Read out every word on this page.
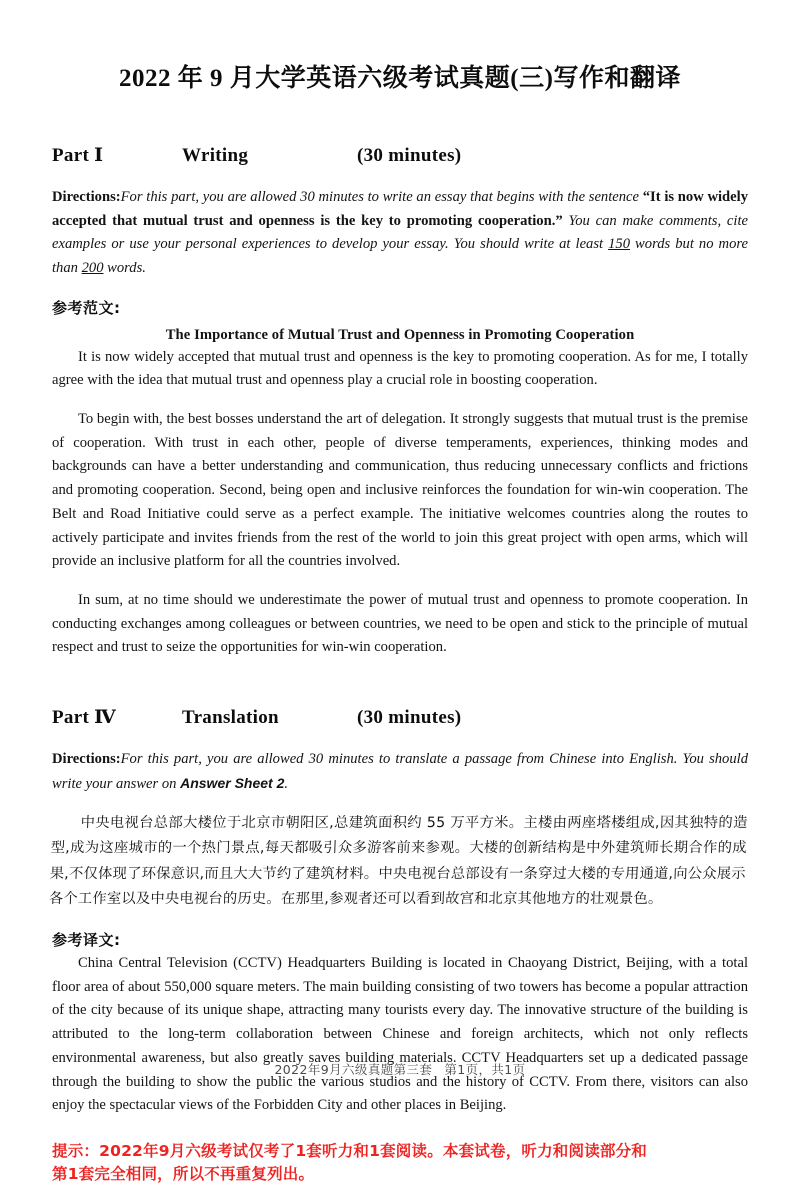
2022 年 9 月大学英语六级考试真题(三)写作和翻译
Part Ⅰ	Writing	(30 minutes)

Directions:For this part, you are allowed 30 minutes to write an essay that begins with the sentence “It is now widely accepted that mutual trust and openness is the key to promoting cooperation.” You can make comments, cite examples or use your personal experiences to develop your essay. You should write at least 150 words but no more than 200 words.

参考范文:
The Importance of Mutual Trust and Openness in Promoting Cooperation

It is now widely accepted that mutual trust and openness is the key to promoting cooperation. As for me, I totally agree with the idea that mutual trust and openness play a crucial role in boosting cooperation.

To begin with, the best bosses understand the art of delegation. It strongly suggests that mutual trust is the premise of cooperation. With trust in each other, people of diverse temperaments, experiences, thinking modes and backgrounds can have a better understanding and communication, thus reducing unnecessary conflicts and frictions and promoting cooperation. Second, being open and inclusive reinforces the foundation for win-win cooperation. The Belt and Road Initiative could serve as a perfect example. The initiative welcomes countries along the routes to actively participate and invites friends from the rest of the world to join this great project with open arms, which will provide an inclusive platform for all the countries involved.

In sum, at no time should we underestimate the power of mutual trust and openness to promote cooperation. In conducting exchanges among colleagues or between countries, we need to be open and stick to the principle of mutual respect and trust to seize the opportunities for win-win cooperation.

Part Ⅳ	Translation	(30 minutes)

Directions:For this part, you are allowed 30 minutes to translate a passage from Chinese into English. You should write your answer on Answer Sheet 2.

中央电视台总部大楼位于北京市朝阳区,总建筑面积约 55 万平方米。主楼由两座塔楼组成,因其独特的造型,成为这座城市的一个热门景点,每天都吸引众多游客前来参观。大楼的创新结构是中外建筑师长期合作的成果,不仅体现了环保意识,而且大大节约了建筑材料。中央电视台总部设有一条穿过大楼的专用通道,向公众展示各个工作室以及中央电视台的历史。在那里,参观者还可以看到故宫和北京其他地方的壮观景色。

参考译文:

China Central Television (CCTV) Headquarters Building is located in Chaoyang District, Beijing, with a total floor area of about 550,000 square meters. The main building consisting of two towers has become a popular attraction of the city because of its unique shape, attracting many tourists every day. The innovative structure of the building is attributed to the long-term collaboration between Chinese and foreign architects, which not only reflects environmental awareness, but also greatly saves building materials. CCTV Headquarters set up a dedicated passage through the building to show the public the various studios and the history of CCTV. From there, visitors can also enjoy the spectacular views of the Forbidden City and other places in Beijing.

提示：2022年9月六级考试仅考了1套听力和1套阅读。本套试卷，听力和阅读部分和
第1套完全相同，所以不再重复列出。
2022年9月六级真题第三套 第1页，共1页
